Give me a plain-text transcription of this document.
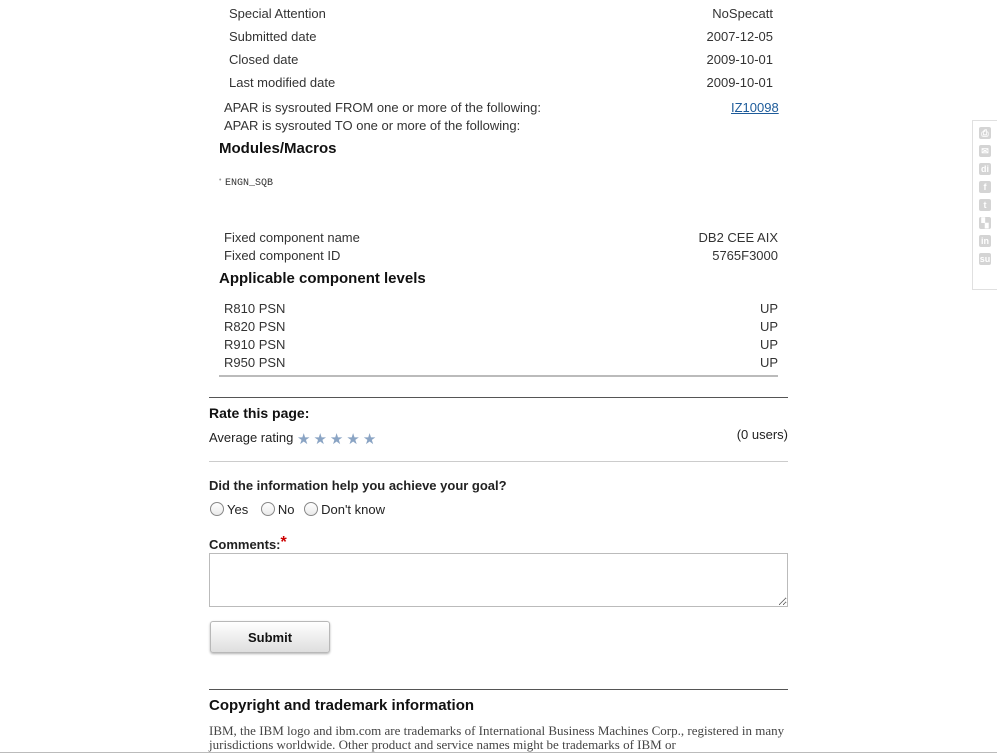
Special Attention	NoSpecatt
Submitted date	2007-12-05
Closed date	2009-10-01
Last modified date	2009-10-01
APAR is sysrouted FROM one or more of the following:	IZ10098
APAR is sysrouted TO one or more of the following:
Modules/Macros
• ENGN_SQB
Fixed component name	DB2 CEE AIX
Fixed component ID	5765F3000
Applicable component levels
R810 PSN	UP
R820 PSN	UP
R910 PSN	UP
R950 PSN	UP
Rate this page:
Average rating ★ ★ ★ ★ ★	(0 users)
Did the information help you achieve your goal?
Yes No Don't know
Comments:*
Submit
Copyright and trademark information
IBM, the IBM logo and ibm.com are trademarks of International Business Machines Corp., registered in many jurisdictions worldwide. Other product and service names might be trademarks of IBM or
⎙
✉
di
f
t
▚
in
su
